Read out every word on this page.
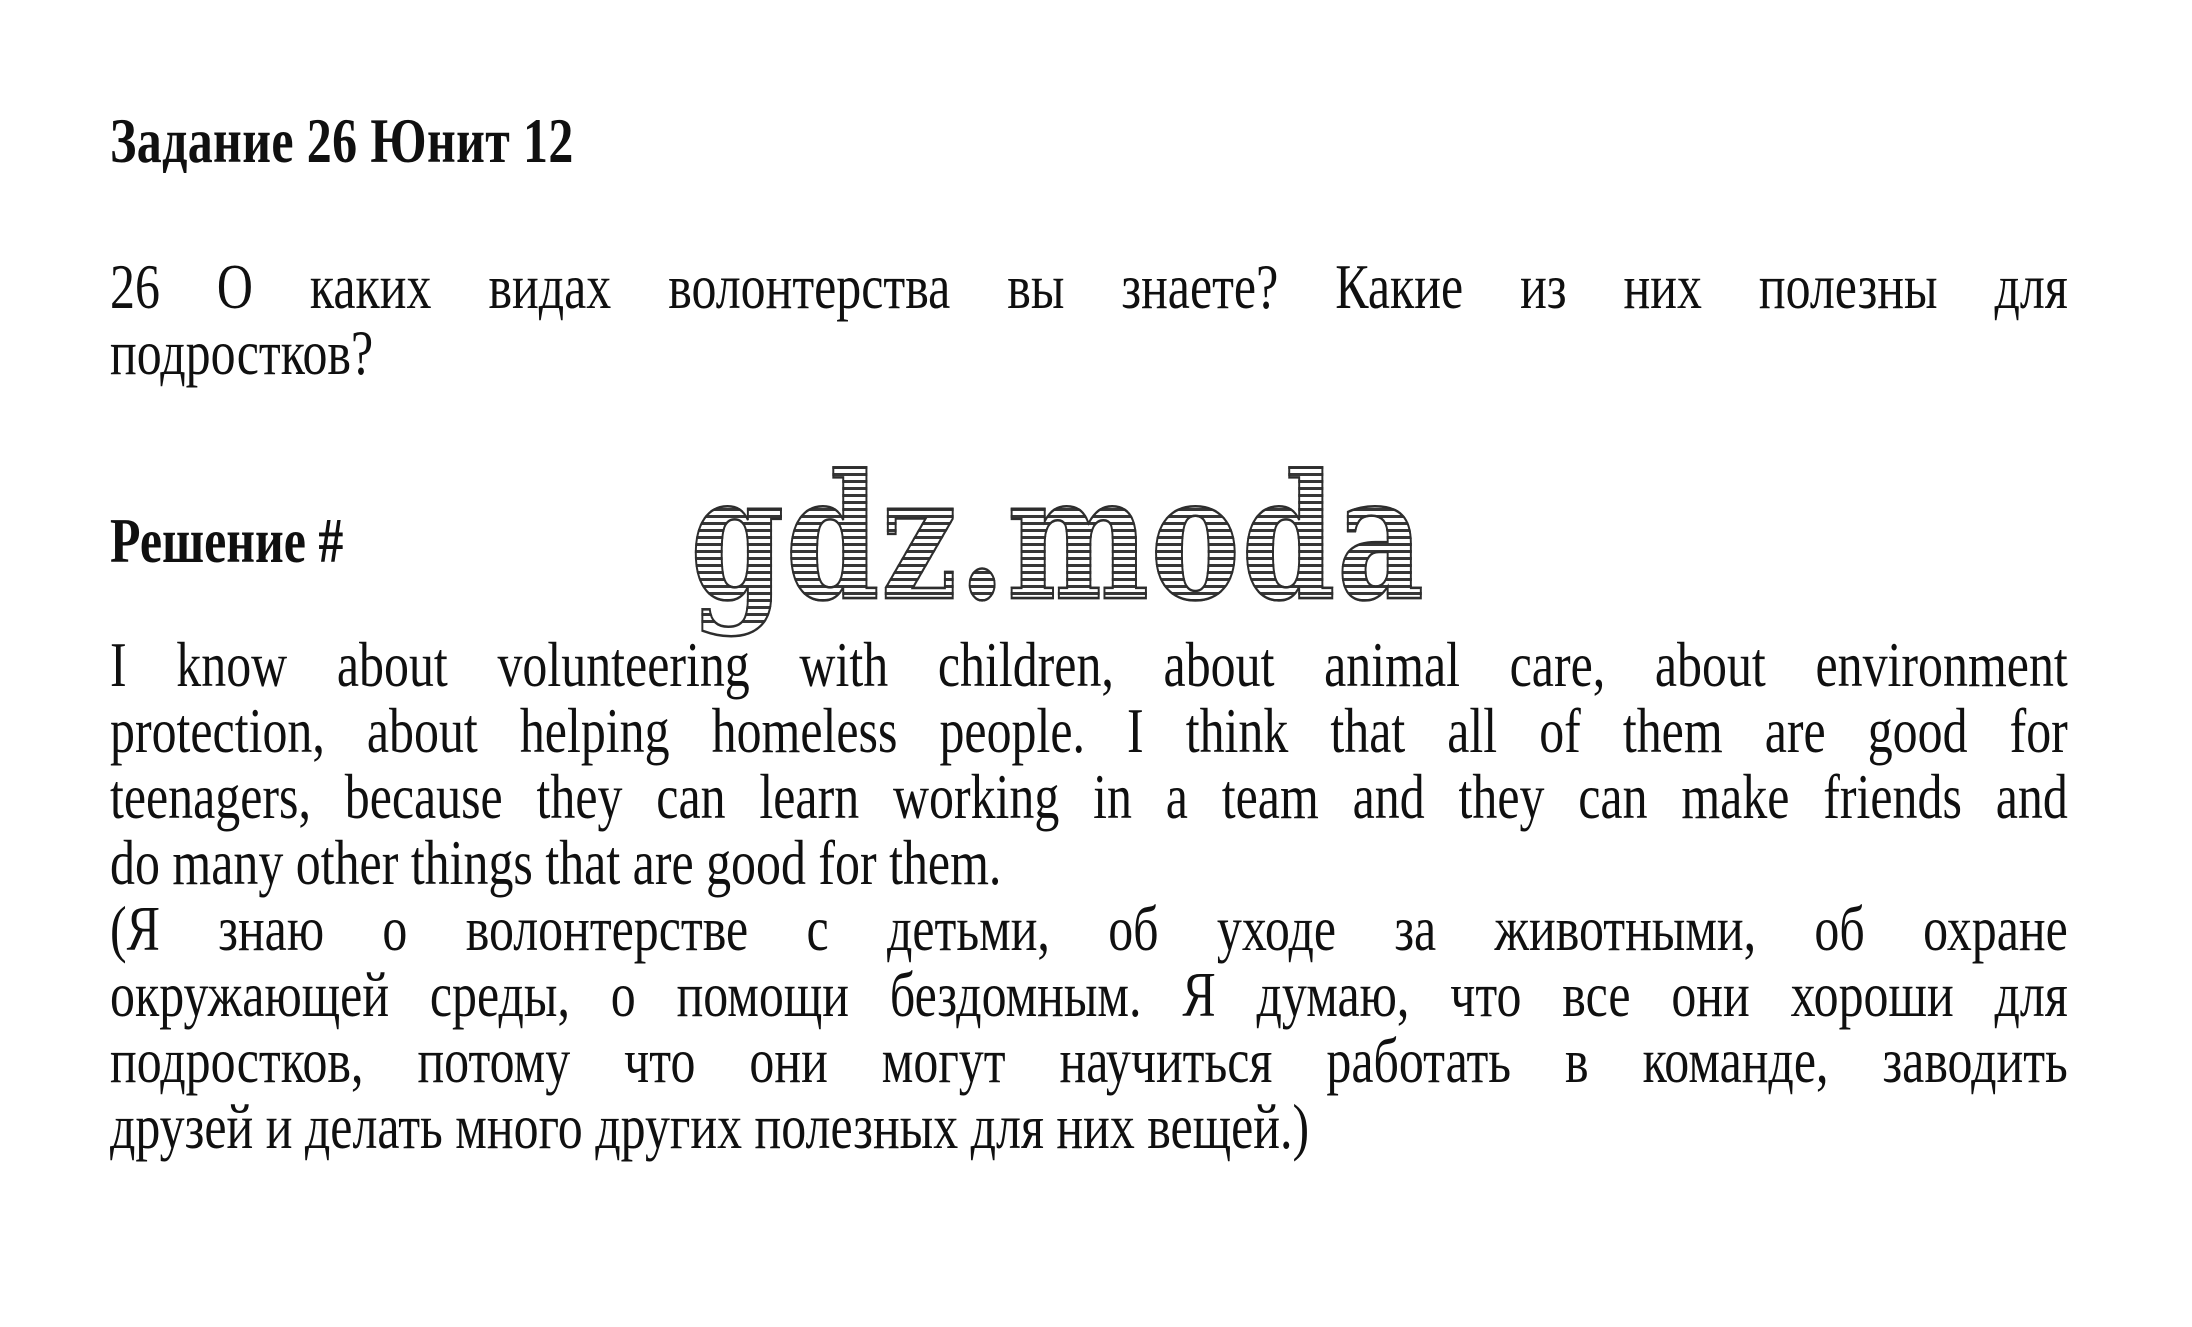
Задание 26 Юнит 12
26 О каких видах волонтерства вы знаете? Какие из них полезны для
подростков?
Решение # gdz.moda
I know about volunteering with children, about animal care, about environment
protection, about helping homeless people. I think that all of them are good for
teenagers, because they can learn working in a team and they can make friends and
do many other things that are good for them.
(Я знаю о волонтерстве с детьми, об уходе за животными, об охране
окружающей среды, о помощи бездомным. Я думаю, что все они хороши для
подростков, потому что они могут научиться работать в команде, заводить
друзей и делать много других полезных для них вещей.)
